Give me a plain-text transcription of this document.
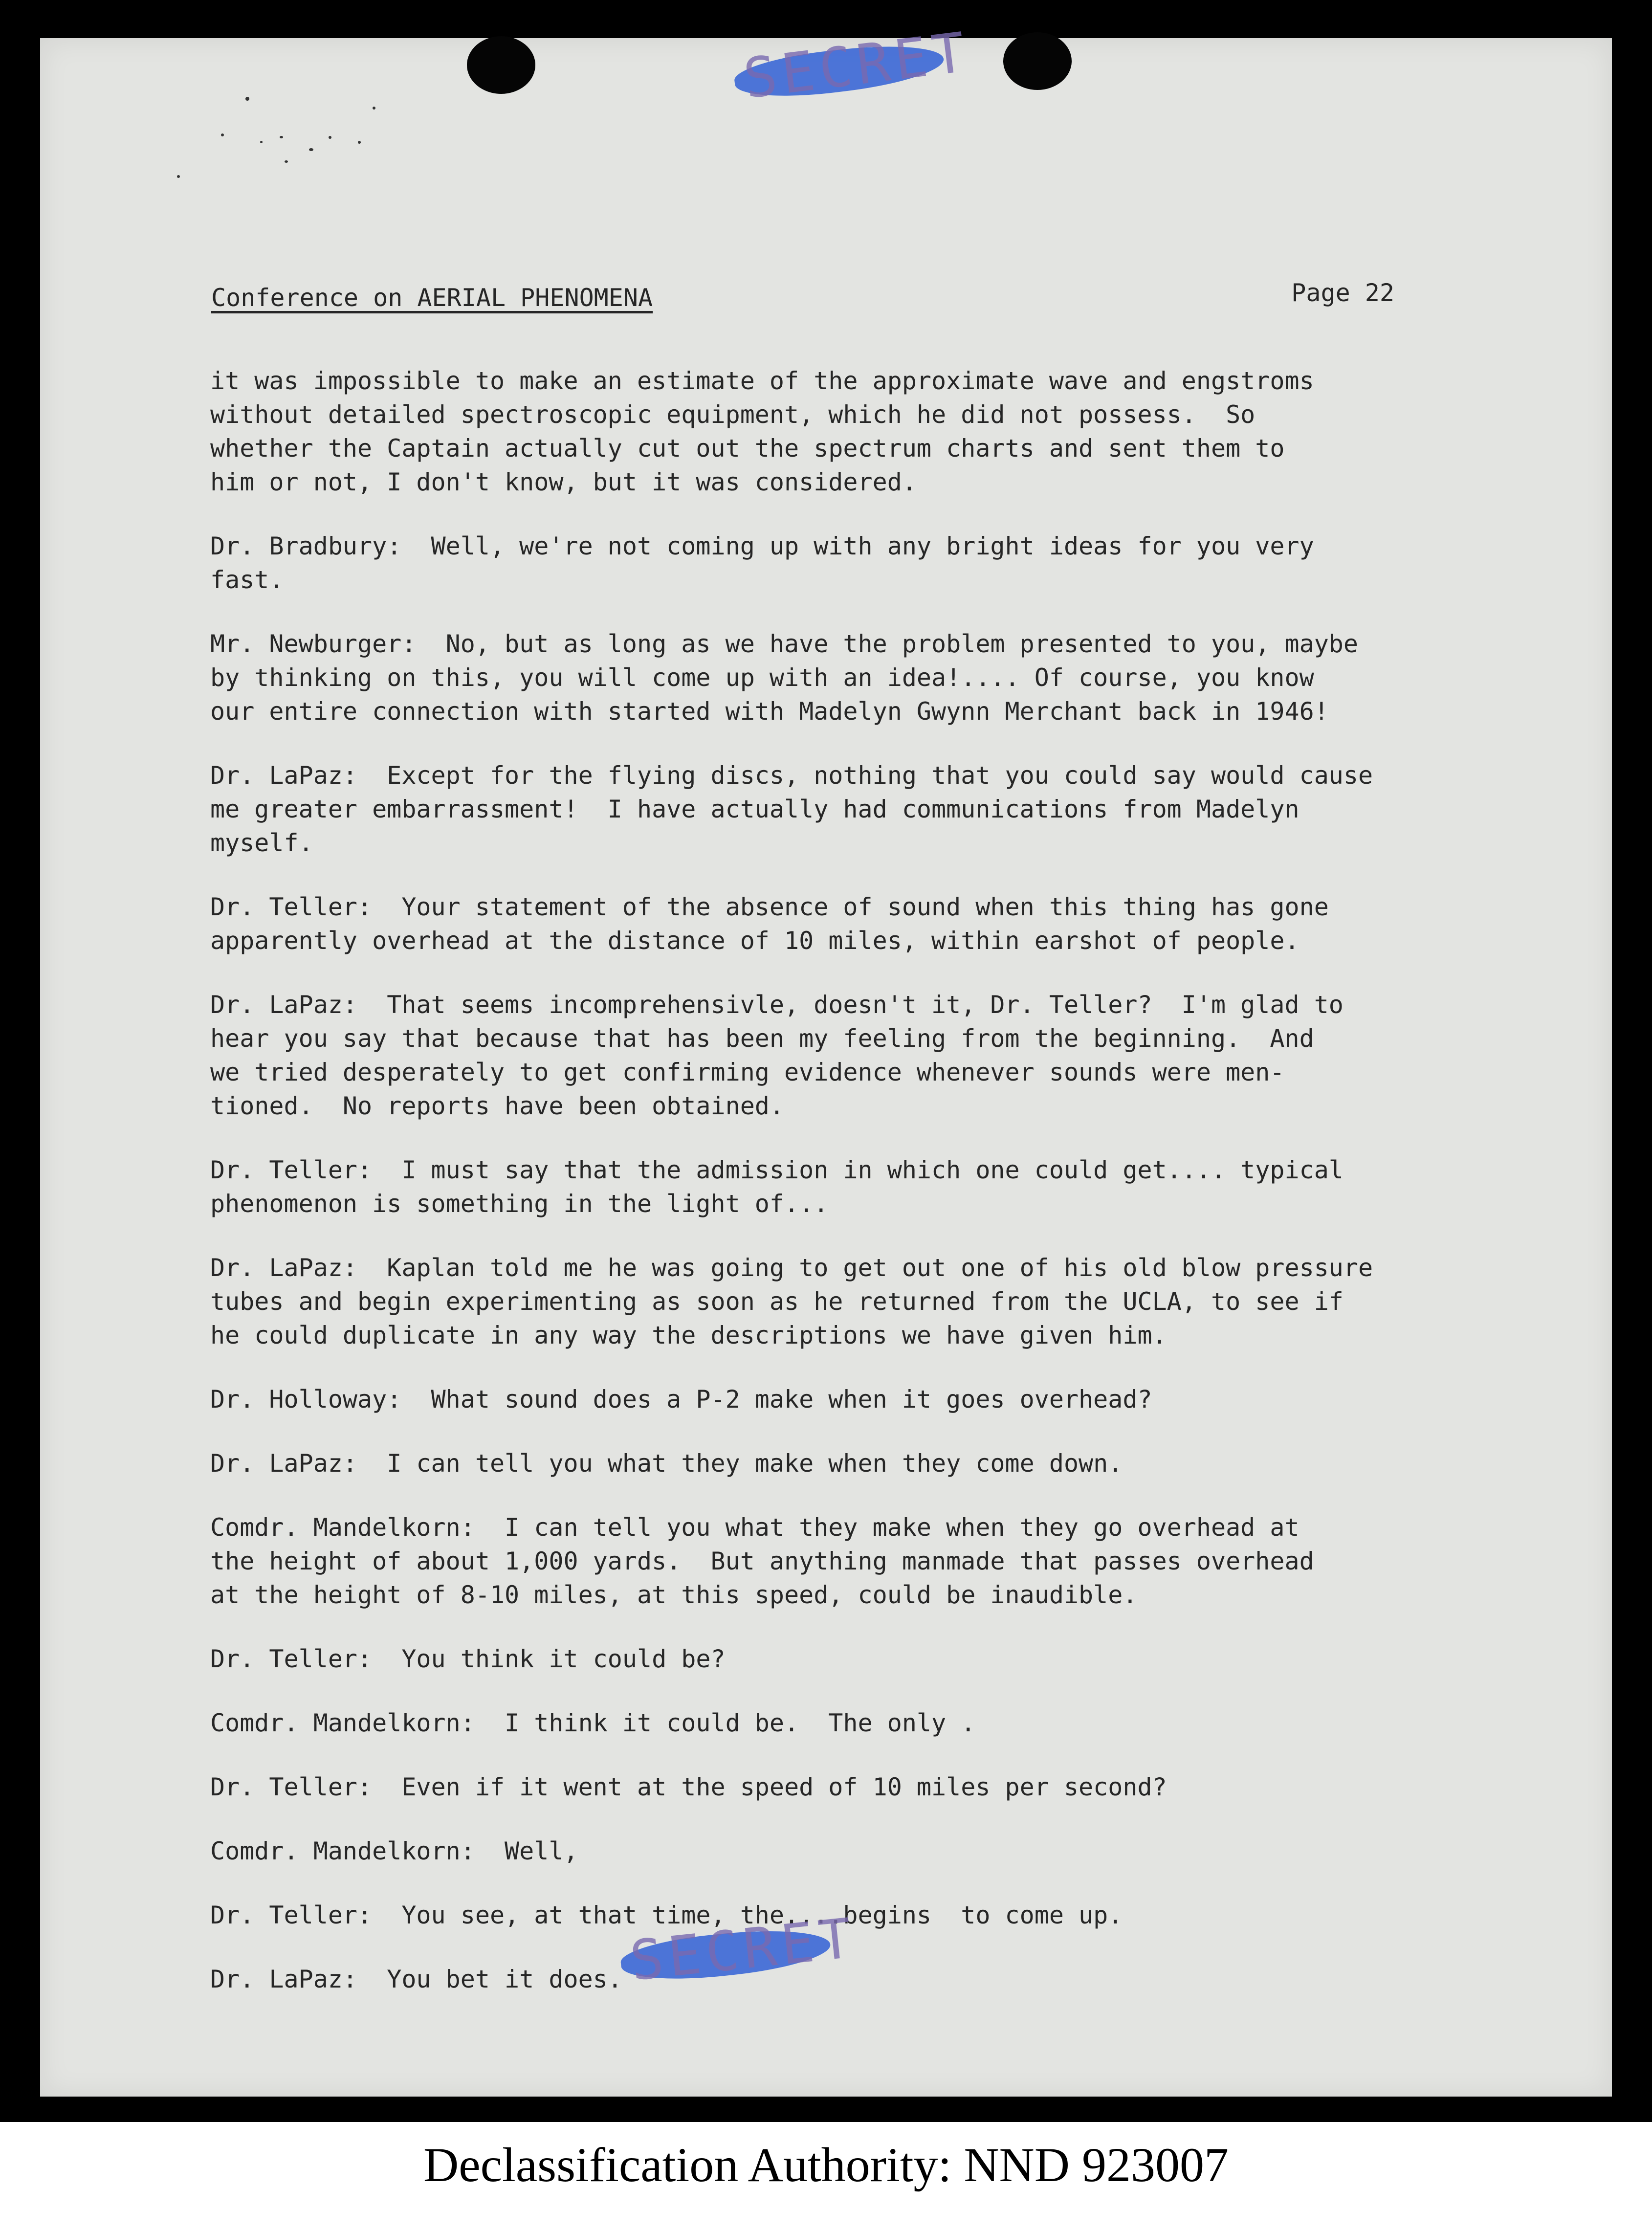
SECRET
Conference on AERIAL PHENOMENA	Page 22
it was impossible to make an estimate of the approximate wave and engstroms
without detailed spectroscopic equipment, which he did not possess.  So
whether the Captain actually cut out the spectrum charts and sent them to
him or not, I don't know, but it was considered.
Dr. Bradbury:  Well, we're not coming up with any bright ideas for you very
fast.
Mr. Newburger:  No, but as long as we have the problem presented to you, maybe
by thinking on this, you will come up with an idea!.... Of course, you know
our entire connection with started with Madelyn Gwynn Merchant back in 1946!
Dr. LaPaz:  Except for the flying discs, nothing that you could say would cause
me greater embarrassment!  I have actually had communications from Madelyn
myself.
Dr. Teller:  Your statement of the absence of sound when this thing has gone
apparently overhead at the distance of 10 miles, within earshot of people.
Dr. LaPaz:  That seems incomprehensivle, doesn't it, Dr. Teller?  I'm glad to
hear you say that because that has been my feeling from the beginning.  And
we tried desperately to get confirming evidence whenever sounds were men-
tioned.  No reports have been obtained.
Dr. Teller:  I must say that the admission in which one could get.... typical
phenomenon is something in the light of...
Dr. LaPaz:  Kaplan told me he was going to get out one of his old blow pressure
tubes and begin experimenting as soon as he returned from the UCLA, to see if
he could duplicate in any way the descriptions we have given him.
Dr. Holloway:  What sound does a P-2 make when it goes overhead?
Dr. LaPaz:  I can tell you what they make when they come down.
Comdr. Mandelkorn:  I can tell you what they make when they go overhead at
the height of about 1,000 yards.  But anything manmade that passes overhead
at the height of 8-10 miles, at this speed, could be inaudible.
Dr. Teller:  You think it could be?
Comdr. Mandelkorn:  I think it could be.  The only .
Dr. Teller:  Even if it went at the speed of 10 miles per second?
Comdr. Mandelkorn:  Well,
Dr. Teller:  You see, at that time, the....begins  to come up.
Dr. LaPaz:  You bet it does. SECRET
Declassification Authority: NND 923007
